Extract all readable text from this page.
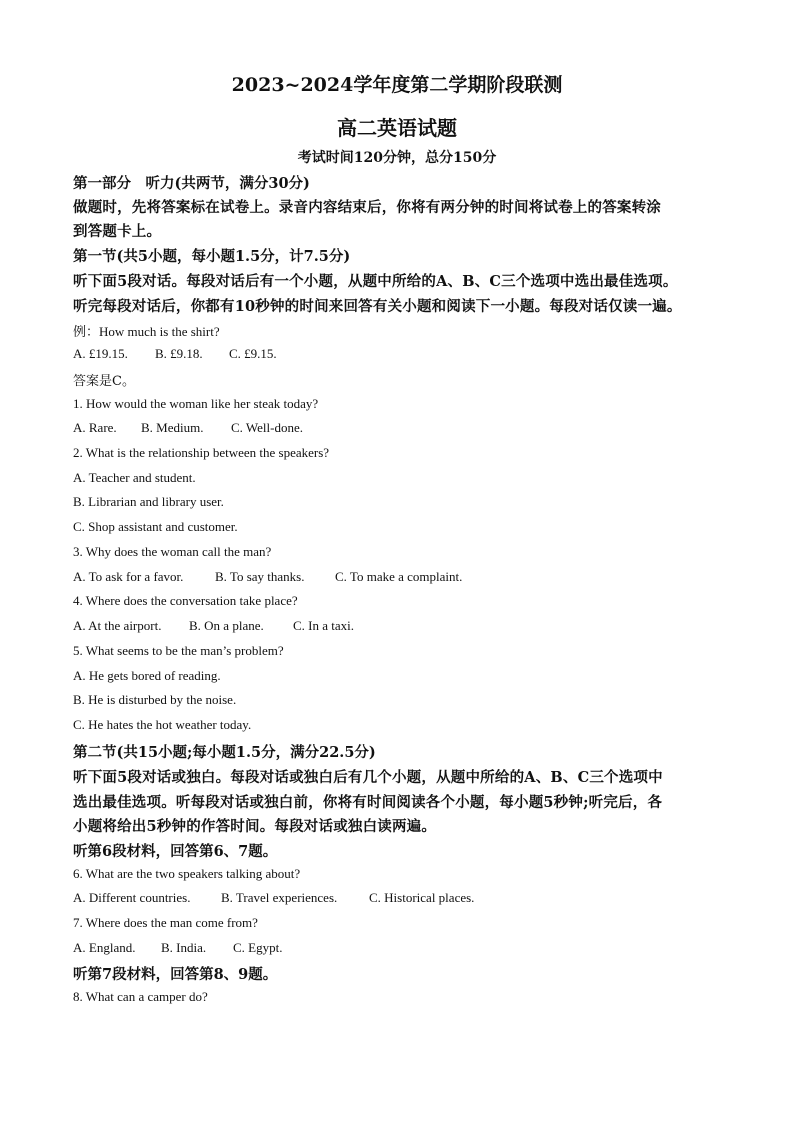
2023~2024学年度第二学期阶段联测
高二英语试题
考试时间120分钟，总分150分
第一部分　听力(共两节，满分30分)
做题时，先将答案标在试卷上。录音内容结束后，你将有两分钟的时间将试卷上的答案转涂
到答题卡上。
第一节(共5小题，每小题1.5分，计7.5分)
听下面5段对话。每段对话后有一个小题，从题中所给的A、B、C三个选项中选出最佳选项。
听完每段对话后，你都有10秒钟的时间来回答有关小题和阅读下一小题。每段对话仅读一遍。
例：How much is the shirt?
A. £19.15. B. £9.18. C. £9.15.
答案是C。
1. How would the woman like her steak today?
A. Rare. B. Medium. C. Well-done.
2. What is the relationship between the speakers?
A. Teacher and student.
B. Librarian and library user.
C. Shop assistant and customer.
3. Why does the woman call the man?
A. To ask for a favor. B. To say thanks. C. To make a complaint.
4. Where does the conversation take place?
A. At the airport. B. On a plane. C. In a taxi.
5. What seems to be the man’s problem?
A. He gets bored of reading.
B. He is disturbed by the noise.
C. He hates the hot weather today.
第二节(共15小题;每小题1.5分，满分22.5分)
听下面5段对话或独白。每段对话或独白后有几个小题，从题中所给的A、B、C三个选项中
选出最佳选项。听每段对话或独白前，你将有时间阅读各个小题，每小题5秒钟;听完后，各
小题将给出5秒钟的作答时间。每段对话或独白读两遍。
听第6段材料，回答第6、7题。
6. What are the two speakers talking about?
A. Different countries. B. Travel experiences. C. Historical places.
7. Where does the man come from?
A. England. B. India. C. Egypt.
听第7段材料，回答第8、9题。
8. What can a camper do?
